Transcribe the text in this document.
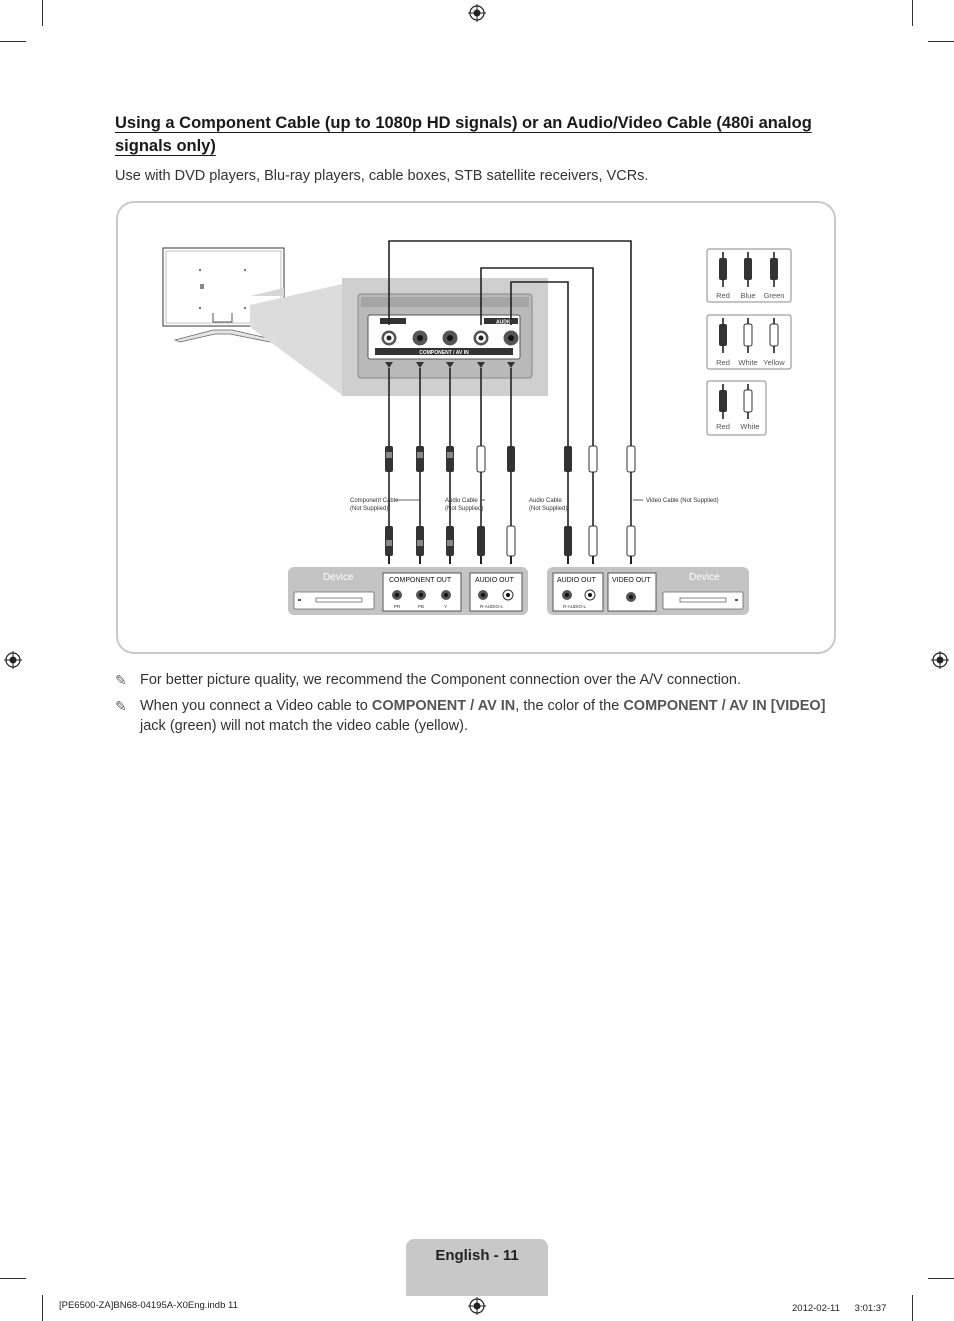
Using a Component Cable (up to 1080p HD signals) or an Audio/Video Cable (480i analog signals only)

Use with DVD players, Blu-ray players, cable boxes, STB satellite receivers, VCRs.

AUDIO
COMPONENT / AV IN
Component Cable
(Not Supplied)
Audio Cable
(Not Supplied)
Audio Cable
(Not Supplied)
Video Cable (Not Supplied)
Device	COMPONENT OUT
PR	PB	Y
AUDIO OUT
R-AUDIO-L
Device
AUDIO OUT
R-AUDIO-L
VIDEO OUT
Red Blue Green
Red White Yellow
Red White
✎ For better picture quality, we recommend the Component connection over the A/V connection.
✎ When you connect a Video cable to COMPONENT / AV IN, the color of the COMPONENT / AV IN [VIDEO] jack (green) will not match the video cable (yellow).
English - 11
[PE6500-ZA]BN68-04195A-X0Eng.indb 11	2012-02-11 　 3:01:37
